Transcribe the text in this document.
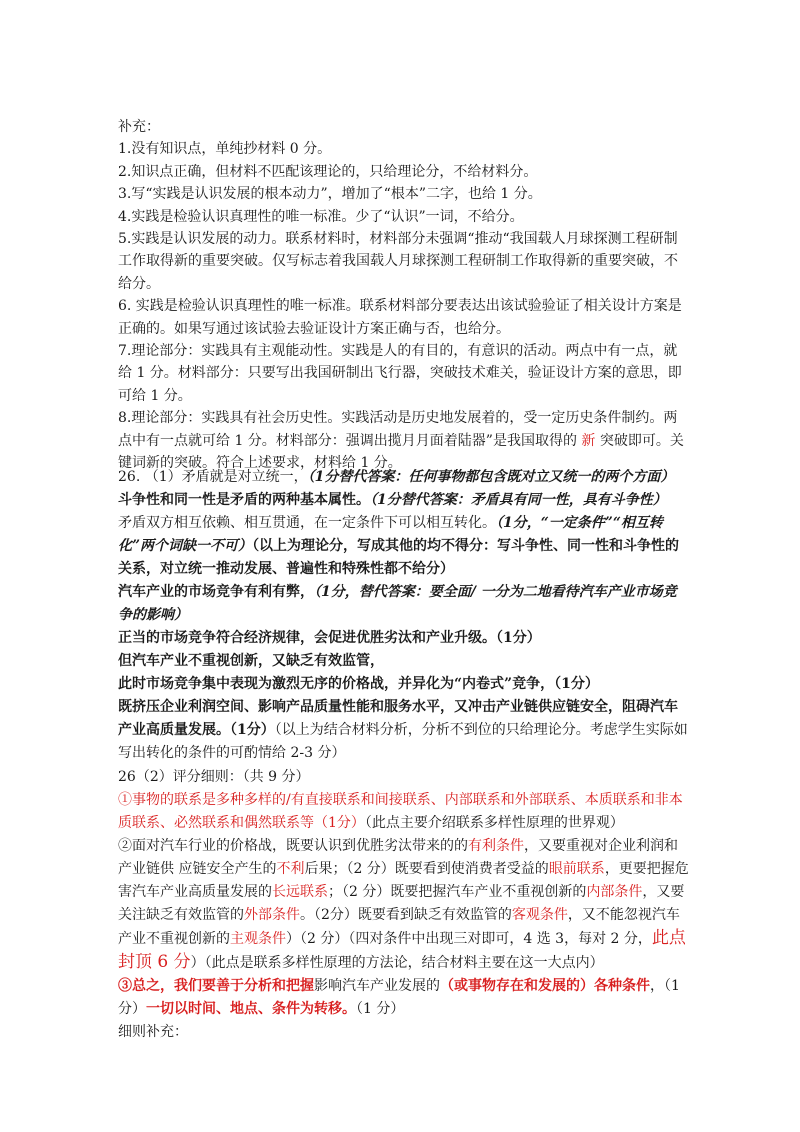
补充：

1.没有知识点，单纯抄材料 0 分。

2.知识点正确，但材料不匹配该理论的，只给理论分，不给材料分。

3.写“实践是认识发展的根本动力”，增加了“根本”二字，也给 1 分。

4.实践是检验认识真理性的唯一标准。少了“认识”一词，不给分。

5.实践是认识发展的动力。联系材料时，材料部分未强调“推动“我国载人月球探测工程研制工作取得新的重要突破。仅写标志着我国载人月球探测工程研制工作取得新的重要突破，不给分。

6. 实践是检验认识真理性的唯一标准。联系材料部分要表达出该试验验证了相关设计方案是正确的。如果写通过该试验去验证设计方案正确与否，也给分。

7.理论部分：实践具有主观能动性。实践是人的有目的，有意识的活动。两点中有一点，就给 1 分。材料部分：只要写出我国研制出飞行器，突破技术难关，验证设计方案的意思，即可给 1 分。

8.理论部分：实践具有社会历史性。实践活动是历史地发展着的，受一定历史条件制约。两点中有一点就可给 1 分。材料部分：强调出揽月月面着陆器”是我国取得的 新 突破即可。关键词新的突破。符合上述要求，材料给 1 分。

26. （1）矛盾就是对立统一，（1分替代答案：任何事物都包含既对立又统一的两个方面）

斗争性和同一性是矛盾的两种基本属性。（1分替代答案：矛盾具有同一性，具有斗争性）

矛盾双方相互依赖、相互贯通，在一定条件下可以相互转化。（1分，“一定条件”“相互转化”两个词缺一不可）（以上为理论分，写成其他的均不得分：写斗争性、同一性和斗争性的关系，对立统一推动发展、普遍性和特殊性都不给分）

汽车产业的市场竞争有利有弊，（1分，替代答案：要全面/ 一分为二地看待汽车产业市场竞争的影响）

正当的市场竞争符合经济规律，会促进优胜劣汰和产业升级。（1分）

但汽车产业不重视创新，又缺乏有效监管，

此时市场竞争集中表现为激烈无序的价格战，并异化为“内卷式”竞争，（1分）

既挤压企业利润空间、影响产品质量性能和服务水平，又冲击产业链供应链安全，阻碍汽车产业高质量发展。（1分）（以上为结合材料分析，分析不到位的只给理论分。考虑学生实际如写出转化的条件的可酌情给 2-3 分）

26（2）评分细则：（共 9 分）

①事物的联系是多种多样的/有直接联系和间接联系、内部联系和外部联系、本质联系和非本质联系、必然联系和偶然联系等（1分）（此点主要介绍联系多样性原理的世界观）

②面对汽车行业的价格战，既要认识到优胜劣汰带来的的有利条件，又要重视对企业利润和产业链供 应链安全产生的不利后果；（2 分）既要看到使消费者受益的眼前联系，更要把握危害汽车产业高质量发展的长远联系；（2 分）既要把握汽车产业不重视创新的内部条件，又要关注缺乏有效监管的外部条件。（2分）既要看到缺乏有效监管的客观条件，又不能忽视汽车产业不重视创新的主观条件）（2 分）（四对条件中出现三对即可，4 选 3，每对 2 分，此点封顶 6 分）（此点是联系多样性原理的方法论，结合材料主要在这一大点内）

③总之，我们要善于分析和把握影响汽车产业发展的（或事物存在和发展的）各种条件，（1 分）一切以时间、地点、条件为转移。（1 分）

细则补充：
